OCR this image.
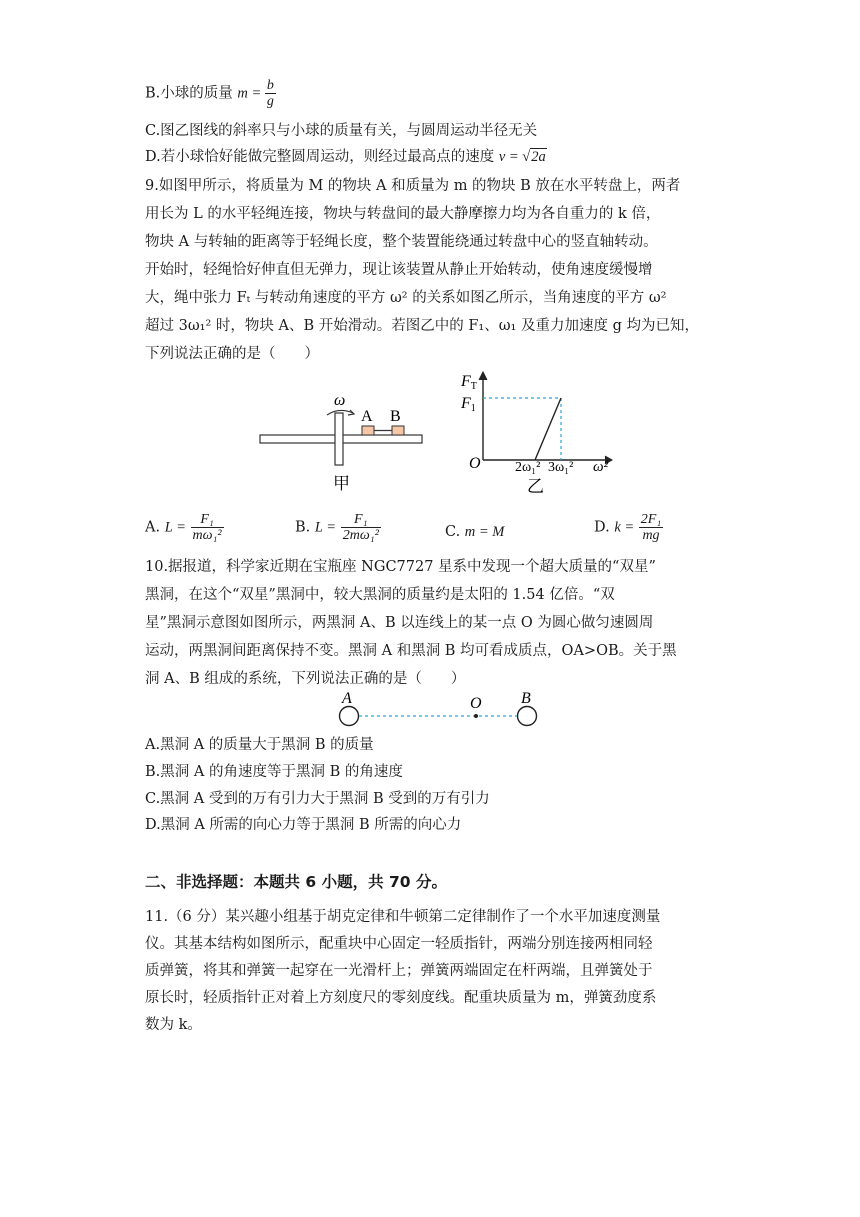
B.小球的质量 $m = \frac{b}{g}$
C.图乙图线的斜率只与小球的质量有关，与圆周运动半径无关
D.若小球恰好能做完整圆周运动，则经过最高点的速度 v = √2a
9.如图甲所示，将质量为 M 的物块 A 和质量为 m 的物块 B 放在水平转盘上，两者
用长为 L 的水平轻绳连接，物块与转盘间的最大静摩擦力均为各自重力的 k 倍，
物块 A 与转轴的距离等于轻绳长度，整个装置能绕通过转盘中心的竖直轴转动。
开始时，轻绳恰好伸直但无弹力，现让该装置从静止开始转动，使角速度缓慢增
大，绳中张力 Fₜ 与转动角速度的平方 ω² 的关系如图乙所示，当角速度的平方 ω²
超过 3ω₁² 时，物块 A、B 开始滑动。若图乙中的 F₁、ω₁ 及重力加速度 g 均为已知，
下列说法正确的是（　　）
ω
A B
甲
FT
F1
O 2ω₁² 3ω₁² ω²
乙
A. $L = \frac{\text{F₁}}{\text{mω₁²}}$	B. $L = \frac{\text{F₁}}{\text{2mω₁²}}$	C. m = M	D. $k = \frac{\text{2F₁}}{mg}$
10.据报道，科学家近期在宝瓶座 NGC7727 星系中发现一个超大质量的“双星”
黑洞，在这个“双星”黑洞中，较大黑洞的质量约是太阳的 1.54 亿倍。“双
星”黑洞示意图如图所示，两黑洞 A、B 以连线上的某一点 O 为圆心做匀速圆周
运动，两黑洞间距离保持不变。黑洞 A 和黑洞 B 均可看成质点，OA>OB。关于黑
洞 A、B 组成的系统，下列说法正确的是（　　）
A	O B
A.黑洞 A 的质量大于黑洞 B 的质量
B.黑洞 A 的角速度等于黑洞 B 的角速度
C.黑洞 A 受到的万有引力大于黑洞 B 受到的万有引力
D.黑洞 A 所需的向心力等于黑洞 B 所需的向心力
二、非选择题：本题共 6 小题，共 70 分。
11.（6 分）某兴趣小组基于胡克定律和牛顿第二定律制作了一个水平加速度测量
仪。其基本结构如图所示，配重块中心固定一轻质指针，两端分别连接两相同轻
质弹簧，将其和弹簧一起穿在一光滑杆上；弹簧两端固定在杆两端，且弹簧处于
原长时，轻质指针正对着上方刻度尺的零刻度线。配重块质量为 m，弹簧劲度系
数为 k。
